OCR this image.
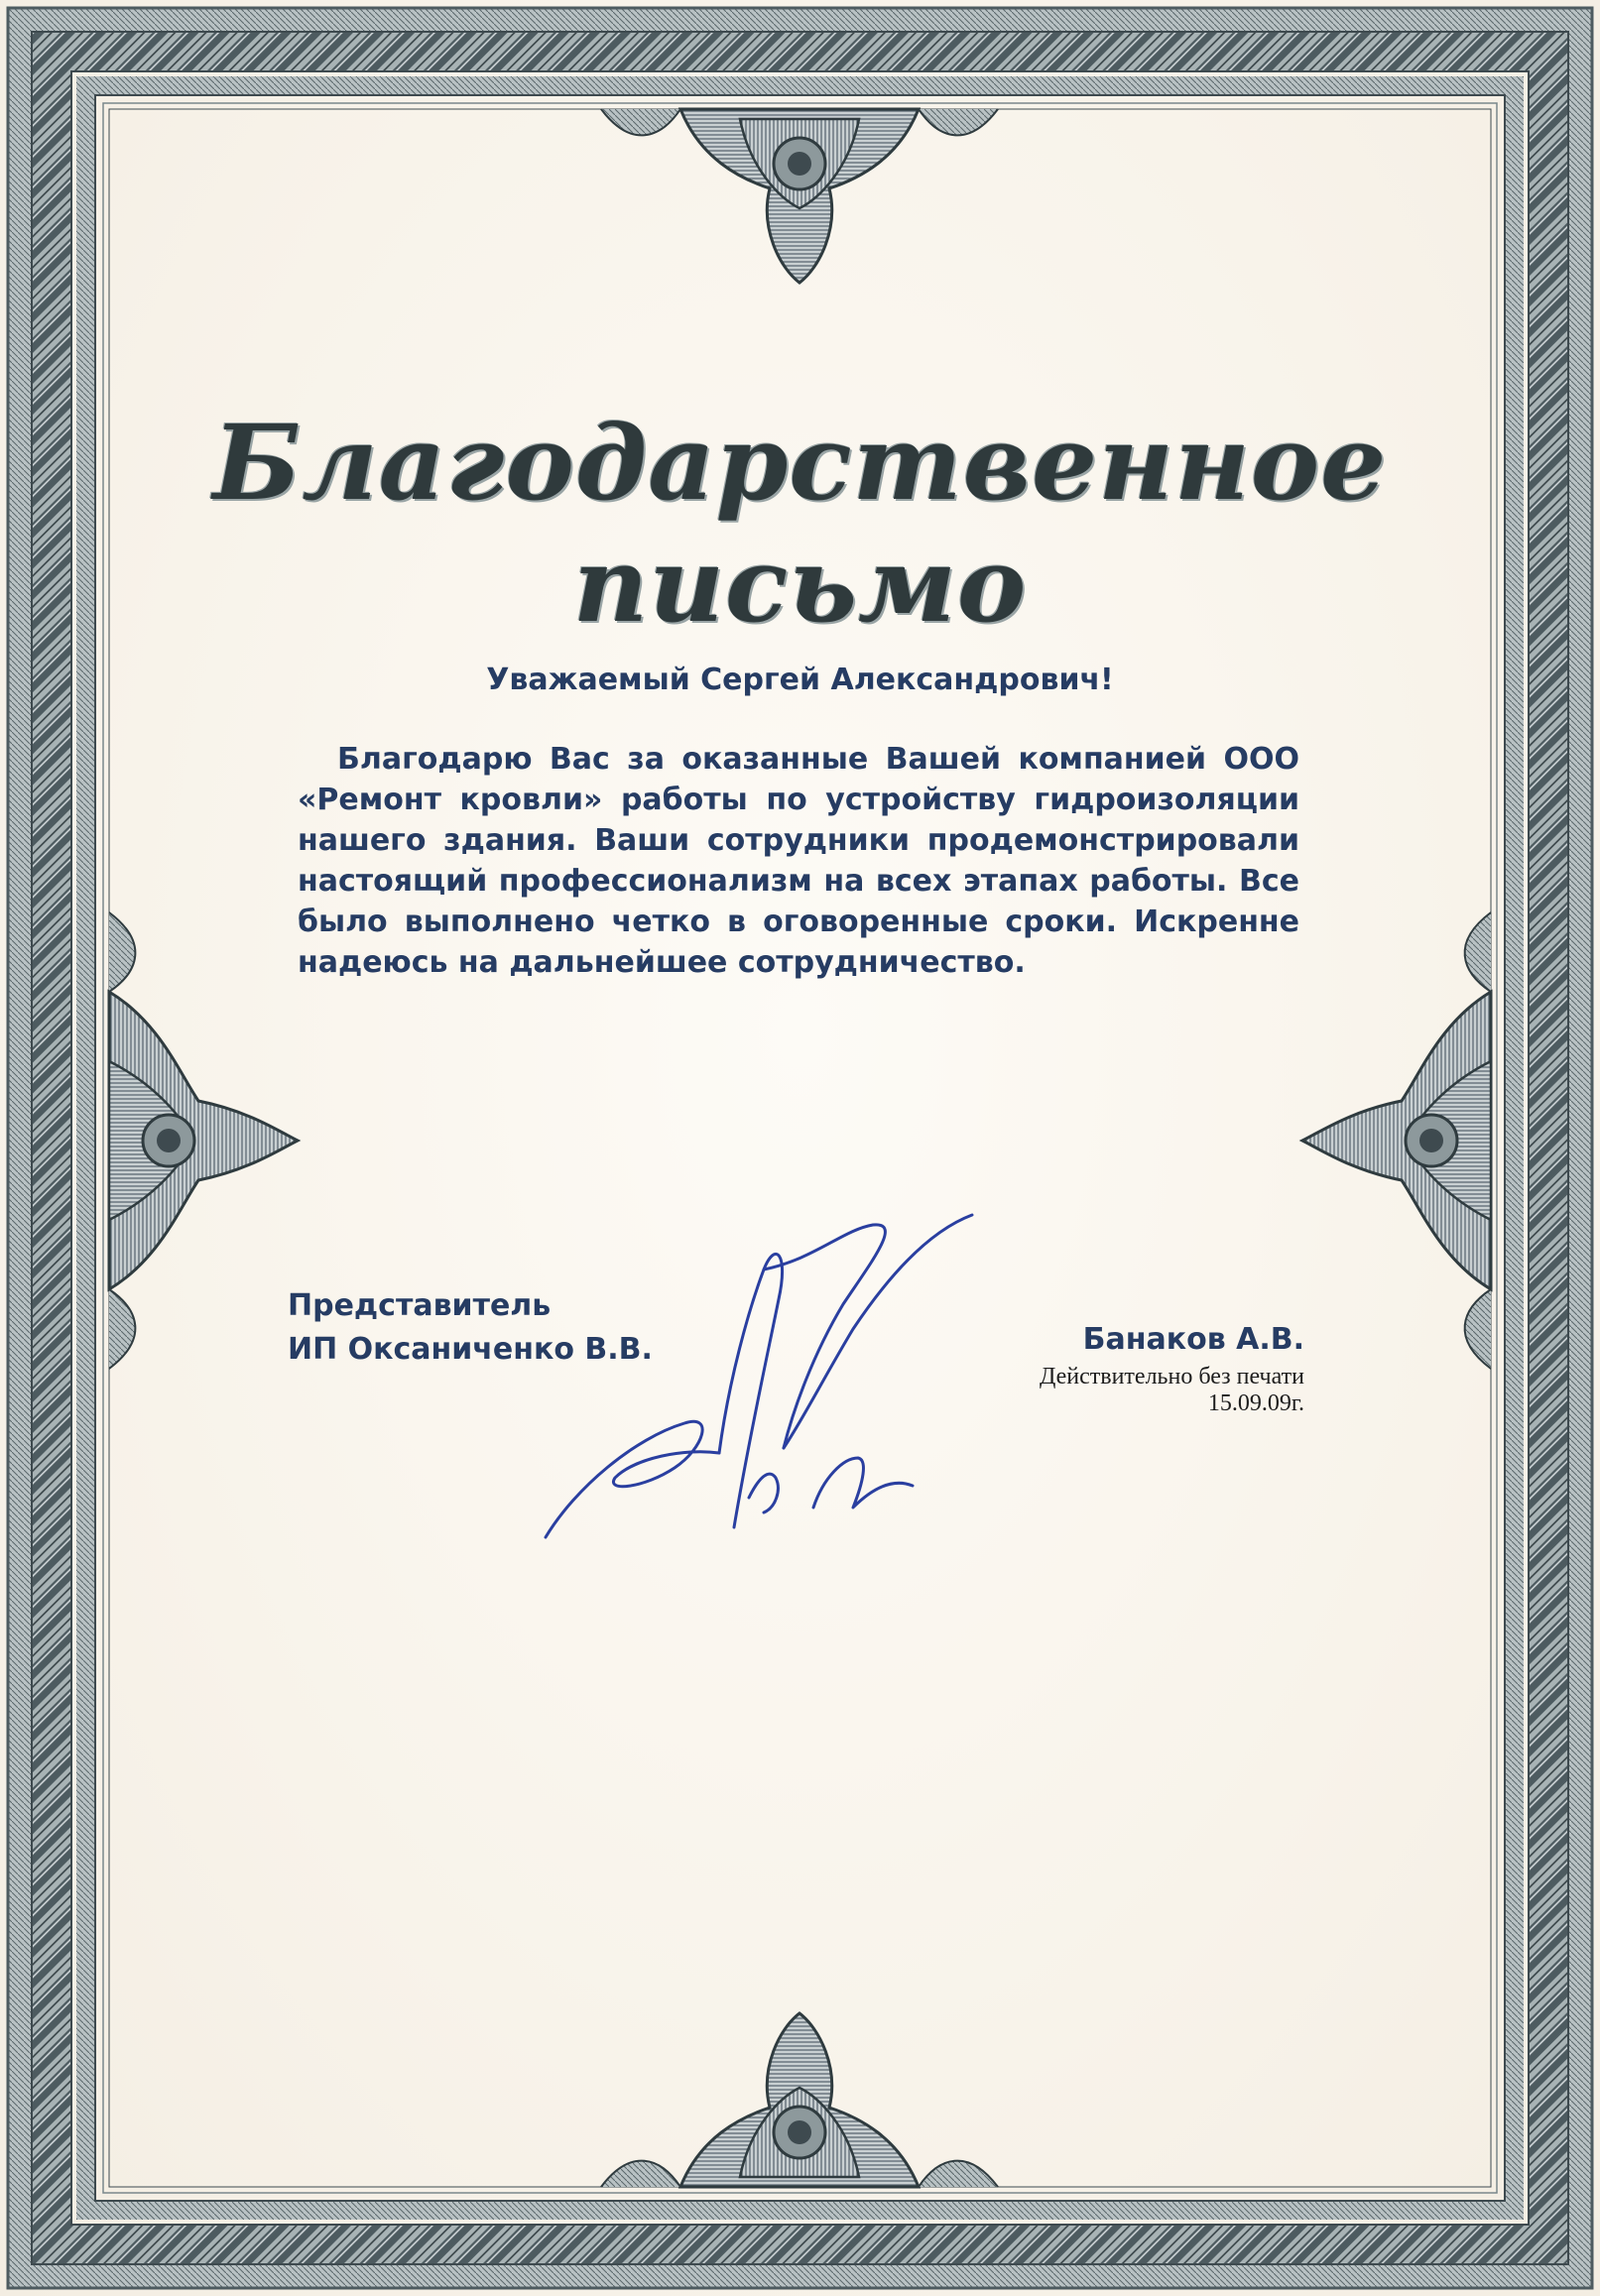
Благодарственное письмо
Уважаемый Сергей Александрович!
Благодарю Вас за оказанные Вашей компанией ООО «Ремонт кровли» работы по устройству гидроизоляции нашего здания. Ваши сотрудники продемонстрировали настоящий профессионализм на всех этапах работы. Все было выполнено четко в оговоренные сроки. Искренне надеюсь на дальнейшее сотрудничество.
Представитель
ИП Оксаниченко В.В.	Банаков А.В.
Действительно без печати
15.09.09г.
